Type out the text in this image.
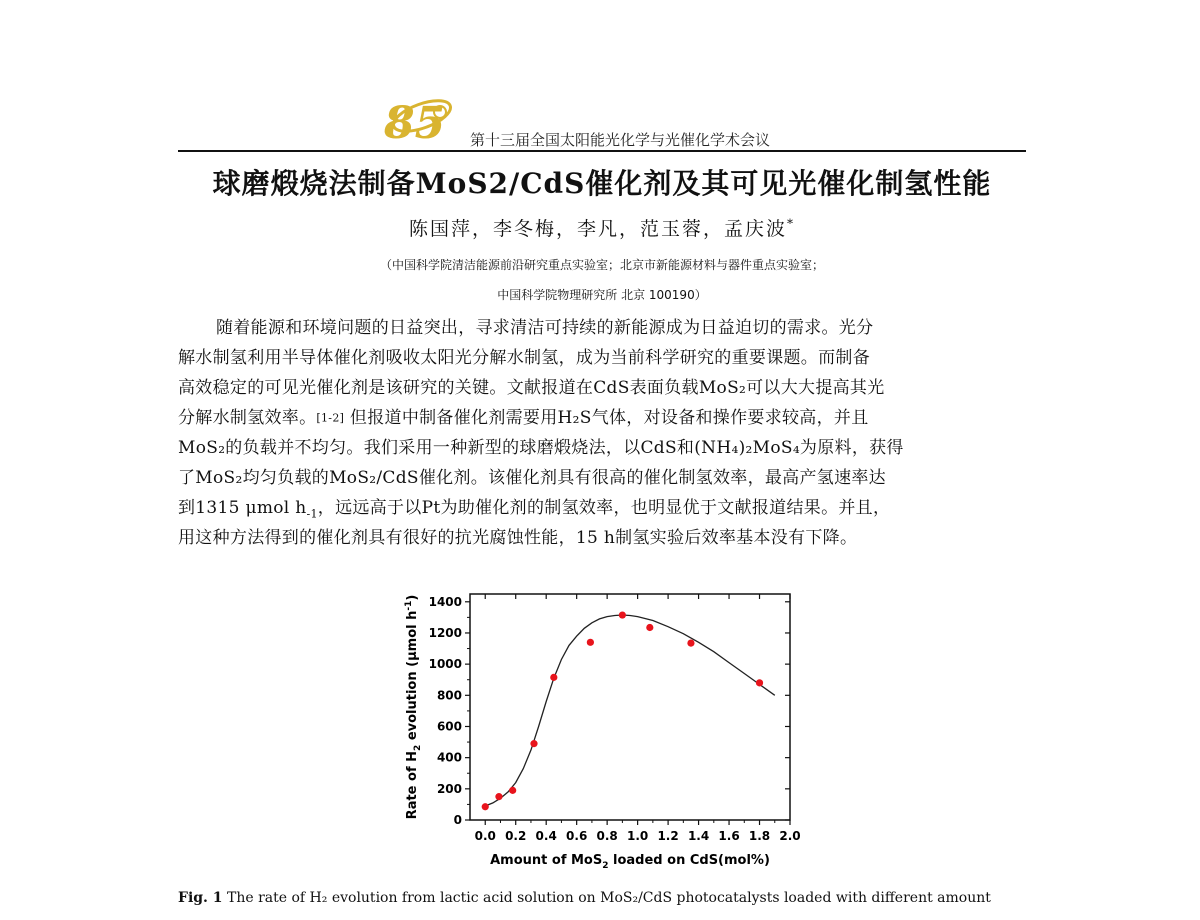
85 第十三届全国太阳能光化学与光催化学术会议
球磨煅烧法制备MoS2/CdS催化剂及其可见光催化制氢性能
陈国萍，李冬梅，李凡，范玉蓉，孟庆波*
（中国科学院清洁能源前沿研究重点实验室；北京市新能源材料与器件重点实验室；
中国科学院物理研究所 北京 100190）
随着能源和环境问题的日益突出，寻求清洁可持续的新能源成为日益迫切的需求。光分
解水制氢利用半导体催化剂吸收太阳光分解水制氢，成为当前科学研究的重要课题。而制备
高效稳定的可见光催化剂是该研究的关键。文献报道在CdS表面负载MoS₂可以大大提高其光
分解水制氢效率。[1-2] 但报道中制备催化剂需要用H₂S气体，对设备和操作要求较高，并且
MoS₂的负载并不均匀。我们采用一种新型的球磨煅烧法，以CdS和(NH₄)₂MoS₄为原料，获得
了MoS₂均匀负载的MoS₂/CdS催化剂。该催化剂具有很高的催化制氢效率，最高产氢速率达
到1315 μmol $h_{-1}$，远远高于以Pt为助催化剂的制氢效率，也明显优于文献报道结果。并且，
用这种方法得到的催化剂具有很好的抗光腐蚀性能，15 h制氢实验后效率基本没有下降。
0.0 0.2 0.4 0.6 0.8 1.0 1.2 1.4 1.6 1.8 2.0
0
200
400
600
800
1000
1200
1400
Amount of MoS$_2$ loaded on CdS(mol%)
Rate of $H_2$ evolution (μmol $h^{-1}$)
Fig. 1 The rate of H₂ evolution from lactic acid solution on MoS₂/CdS photocatalysts loaded with different amount
